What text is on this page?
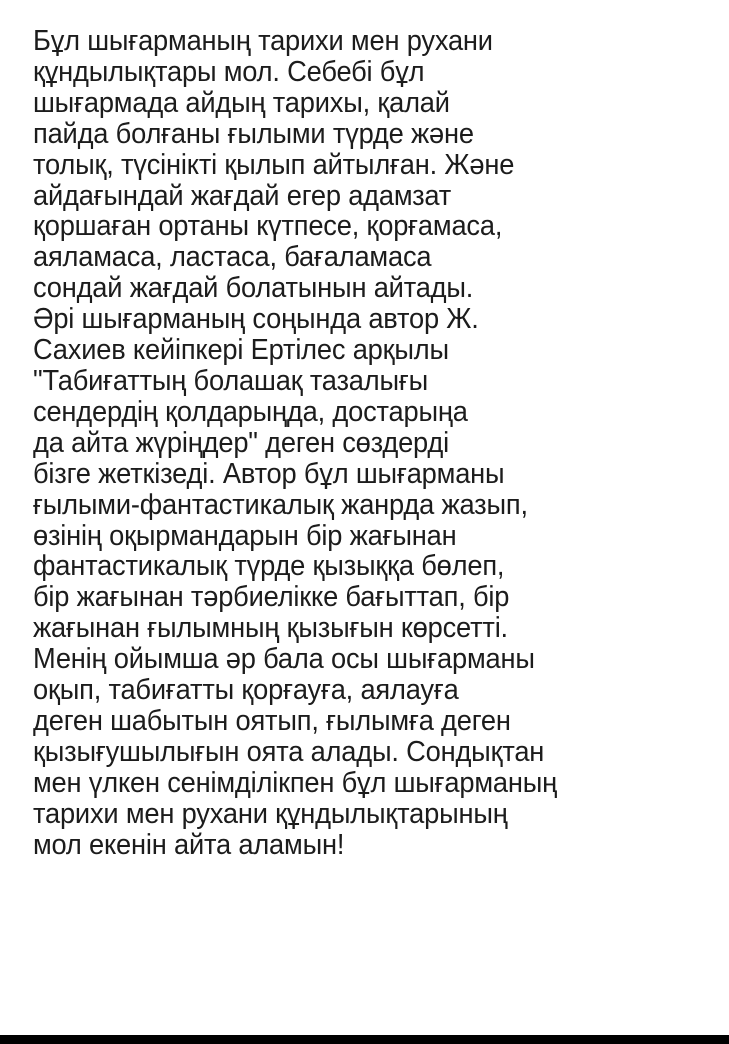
Бұл шығарманың тарихи мен рухани
құндылықтары мол. Себебі бұл
шығармада айдың тарихы, қалай
пайда болғаны ғылыми түрде және
толық, түсінікті қылып айтылған. Және
айдағындай жағдай егер адамзат
қоршаған ортаны күтпесе, қорғамаса,
аяламаса, ластаса, бағаламаса
сондай жағдай болатынын айтады.
Әрі шығарманың соңында автор Ж.
Сахиев кейіпкері Ертілес арқылы
"Табиғаттың болашақ тазалығы
сендердің қолдарыңда, достарыңа
да айта жүріңдер" деген сөздерді
бізге жеткізеді. Автор бұл шығарманы
ғылыми-фантастикалық жанрда жазып,
өзінің оқырмандарын бір жағынан
фантастикалық түрде қызыққа бөлеп,
бір жағынан тәрбиелікке бағыттап, бір
жағынан ғылымның қызығын көрсетті.
Менің ойымша әр бала осы шығарманы
оқып, табиғатты қорғауға, аялауға
деген шабытын оятып, ғылымға деген
қызығушылығын оята алады. Сондықтан
мен үлкен сенімділікпен бұл шығарманың
тарихи мен рухани құндылықтарының
мол екенін айта аламын!
